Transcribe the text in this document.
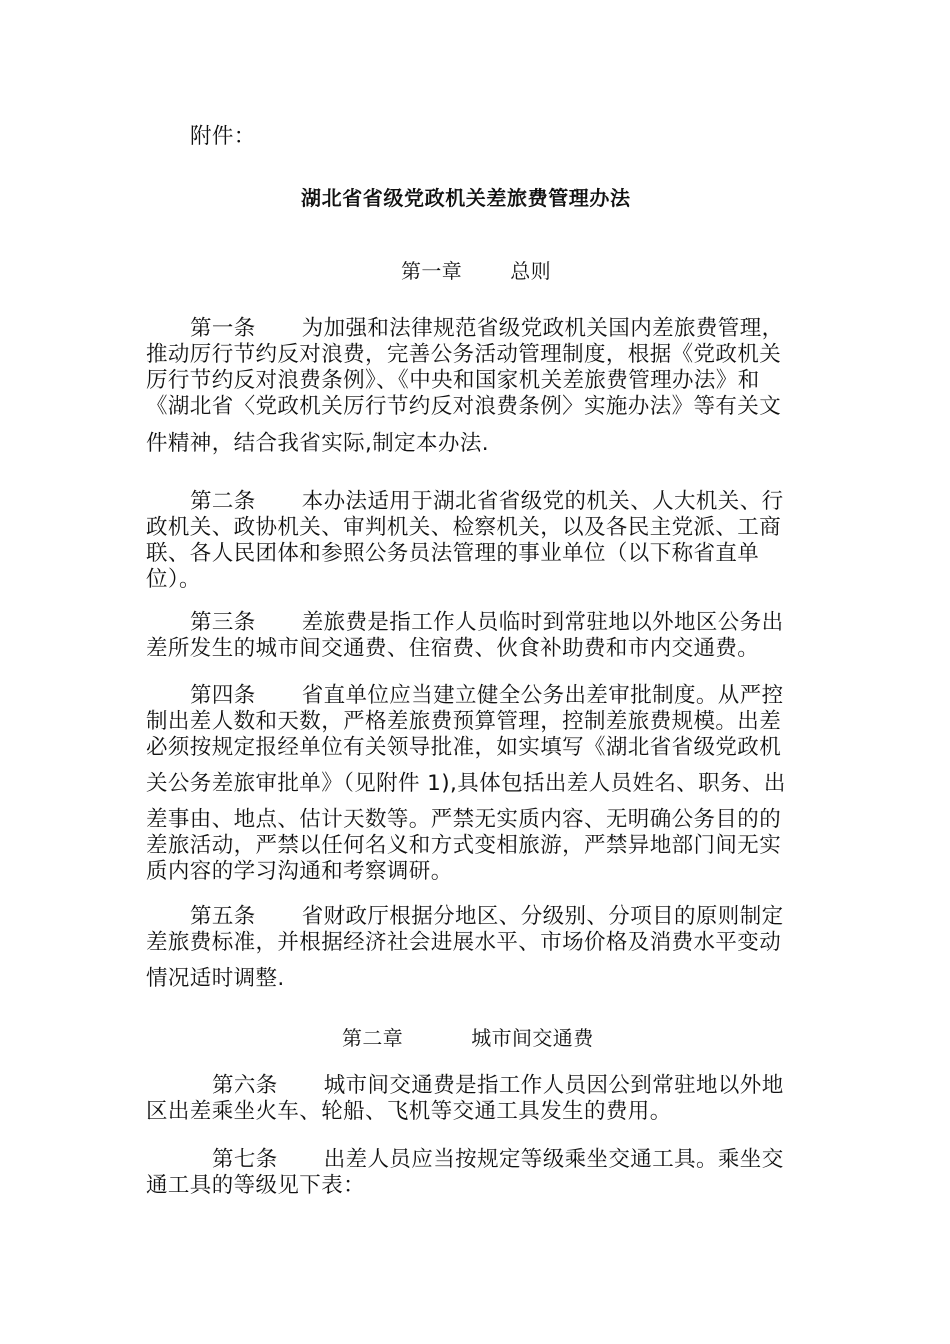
附件：
湖北省省级党政机关差旅费管理办法
第一章 总则
第一条 为加强和法律规范省级党政机关国内差旅费管理，
推动厉行节约反对浪费，完善公务活动管理制度，根据《党政机关
厉行节约反对浪费条例》、《中央和国家机关差旅费管理办法》和
《湖北省〈党政机关厉行节约反对浪费条例〉实施办法》等有关文
件精神，结合我省实际,制定本办法.
第二条 本办法适用于湖北省省级党的机关、人大机关、行
政机关、政协机关、审判机关、检察机关，以及各民主党派、工商
联、各人民团体和参照公务员法管理的事业单位（以下称省直单
位）。
第三条 差旅费是指工作人员临时到常驻地以外地区公务出
差所发生的城市间交通费、住宿费、伙食补助费和市内交通费。
第四条 省直单位应当建立健全公务出差审批制度。从严控
制出差人数和天数，严格差旅费预算管理，控制差旅费规模。出差
必须按规定报经单位有关领导批准，如实填写《湖北省省级党政机
关公务差旅审批单》（见附件 1),具体包括出差人员姓名、职务、出
差事由、地点、估计天数等。严禁无实质内容、无明确公务目的的
差旅活动，严禁以任何名义和方式变相旅游，严禁异地部门间无实
质内容的学习沟通和考察调研。
第五条 省财政厅根据分地区、分级别、分项目的原则制定
差旅费标准，并根据经济社会进展水平、市场价格及消费水平变动
情况适时调整.
第二章	城市间交通费
第六条 城市间交通费是指工作人员因公到常驻地以外地
区出差乘坐火车、轮船、飞机等交通工具发生的费用。
第七条 出差人员应当按规定等级乘坐交通工具。乘坐交
通工具的等级见下表：
